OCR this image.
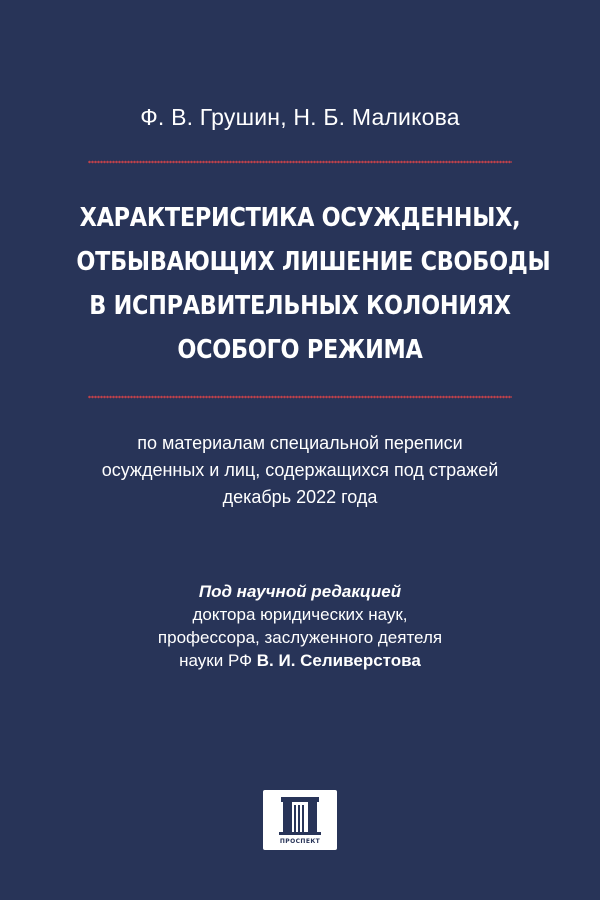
Ф. В. Грушин, Н. Б. Маликова
ХАРАКТЕРИСТИКА ОСУЖДЕННЫХ,
ОТБЫВАЮЩИХ ЛИШЕНИЕ СВОБОДЫ
В ИСПРАВИТЕЛЬНЫХ КОЛОНИЯХ
ОСОБОГО РЕЖИМА
по материалам специальной переписи
осужденных и лиц, содержащихся под стражей
декабрь 2022 года
Под научной редакцией
доктора юридических наук,
профессора, заслуженного деятеля
науки РФ В. И. Селиверстова
ПРОСПЕКТ
